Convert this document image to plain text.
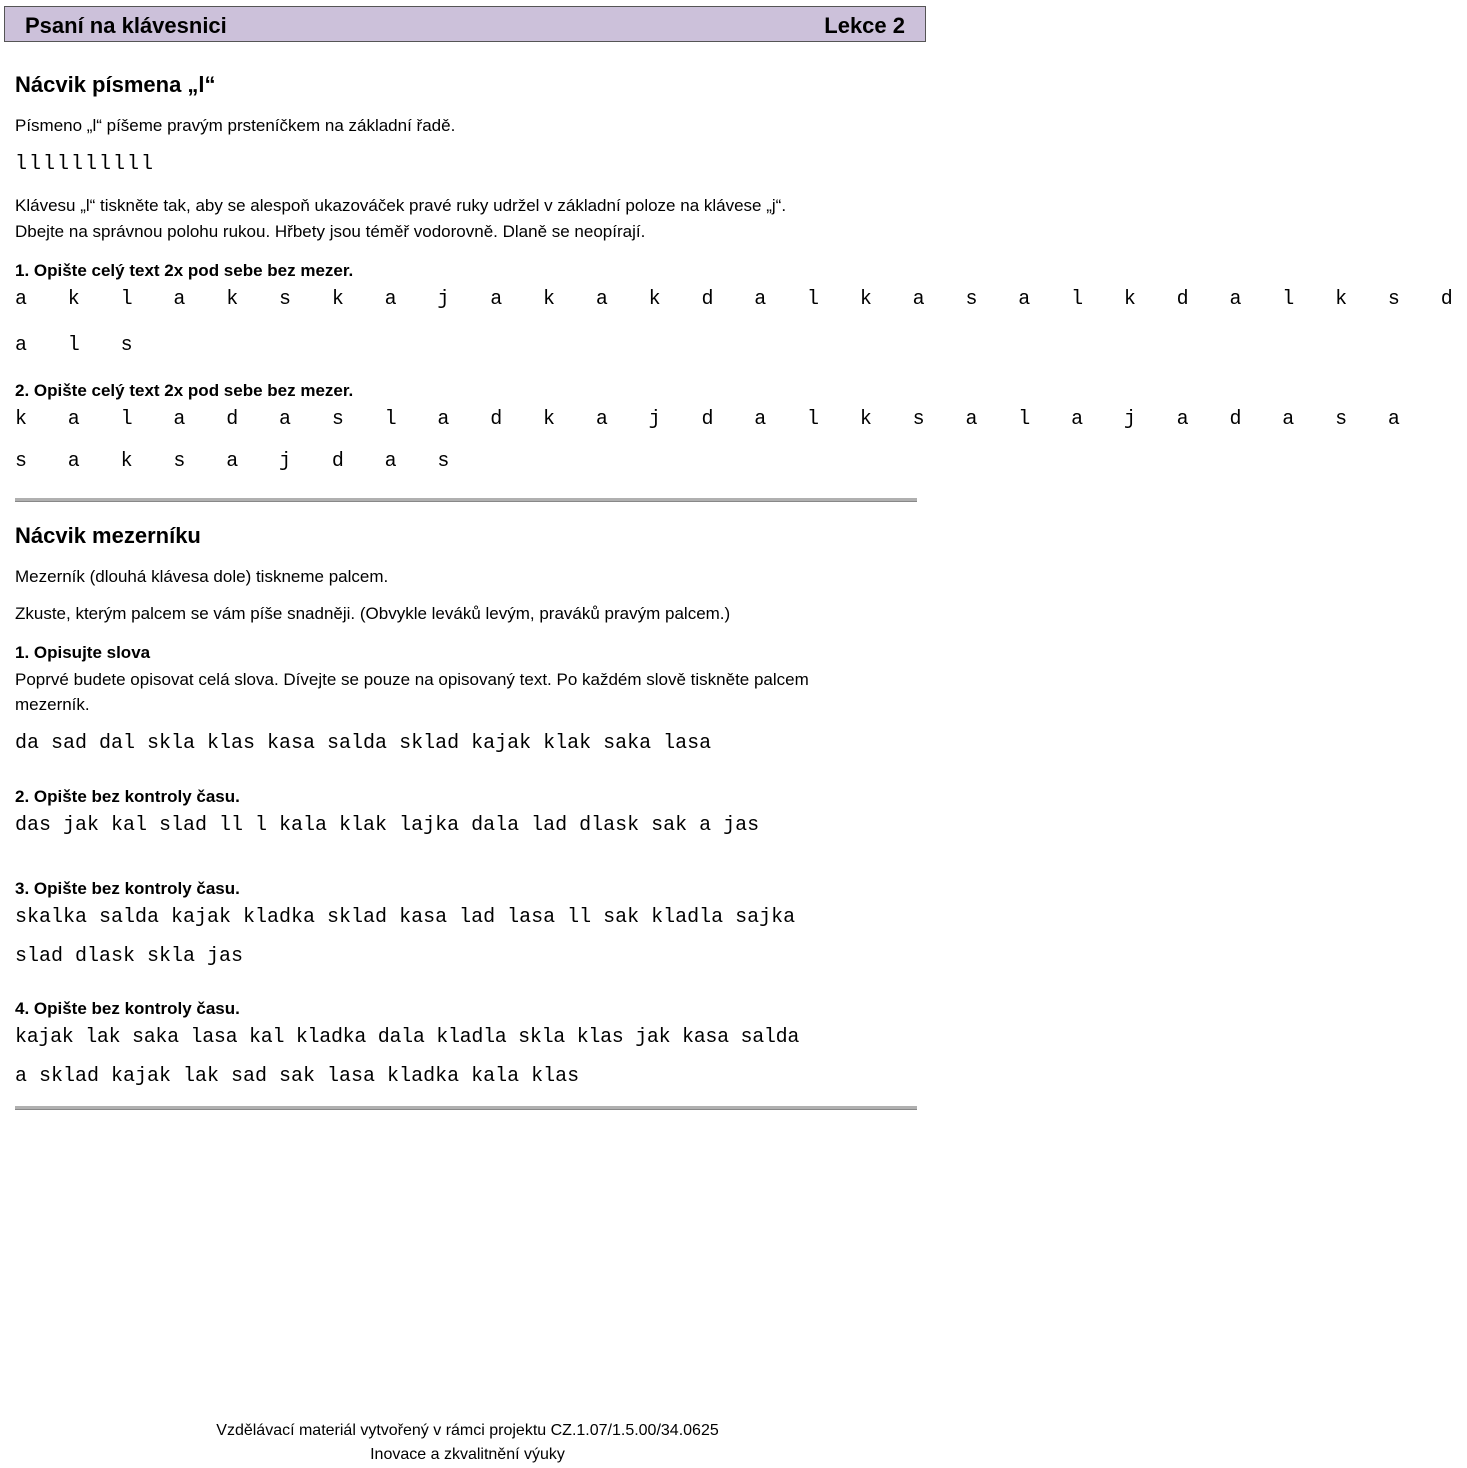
Psaní na klávesnici	Lekce 2
Nácvik písmena „l“
Písmeno „l“ píšeme pravým prsteníčkem na základní řadě.
llllllllll
Klávesu „l“ tiskněte tak, aby se alespoň ukazováček pravé ruky udržel v základní poloze na klávese „j“.
Dbejte na správnou polohu rukou. Hřbety jsou téměř vodorovně. Dlaně se neopírají.
1. Opište celý text 2x pod sebe bez mezer.
a k l a k s k a j a k a k d a l k a s a l k d a l k s d
a l s
2. Opište celý text 2x pod sebe bez mezer.
k a l a d a s l a d k a j d a l k s a l a j a d a s a
s a k s a j d a s
Nácvik mezerníku
Mezerník (dlouhá klávesa dole) tiskneme palcem.
Zkuste, kterým palcem se vám píše snadněji. (Obvykle leváků levým, praváků pravým palcem.)
1. Opisujte slova
Poprvé budete opisovat celá slova. Dívejte se pouze na opisovaný text. Po každém slově tiskněte palcem
mezerník.
da sad dal skla klas kasa salda sklad kajak klak saka lasa
2. Opište bez kontroly času.
das jak kal slad ll l kala klak lajka dala lad dlask sak a jas
3. Opište bez kontroly času.
skalka salda kajak kladka sklad kasa lad lasa ll sak kladla sajka
slad dlask skla jas
4. Opište bez kontroly času.
kajak lak saka lasa kal kladka dala kladla skla klas jak kasa salda
a sklad kajak lak sad sak lasa kladka kala klas
Vzdělávací materiál vytvořený v rámci projektu CZ.1.07/1.5.00/34.0625
Inovace a zkvalitnění výuky
